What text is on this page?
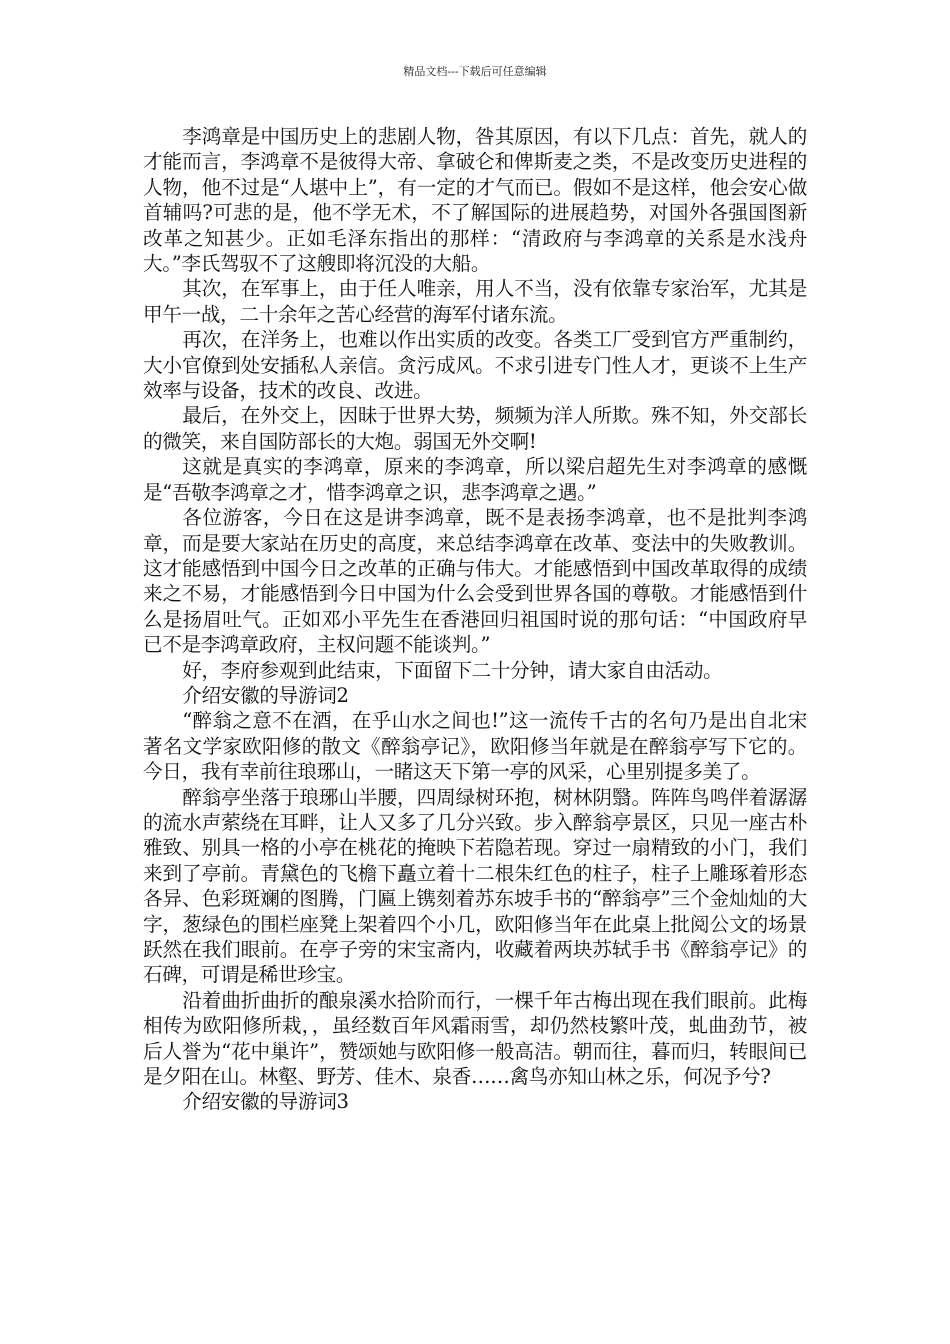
精品文档---下载后可任意编辑

李鸿章是中国历史上的悲剧人物，咎其原因，有以下几点：首先，就人的才能而言，李鸿章不是彼得大帝、拿破仑和俾斯麦之类，不是改变历史进程的人物，他不过是“人堪中上”，有一定的才气而已。假如不是这样，他会安心做首辅吗?可悲的是，他不学无术，不了解国际的进展趋势，对国外各强国图新改革之知甚少。正如毛泽东指出的那样：“清政府与李鸿章的关系是水浅舟大。”李氏驾驭不了这艘即将沉没的大船。

其次，在军事上，由于任人唯亲，用人不当，没有依靠专家治军，尤其是甲午一战，二十余年之苦心经营的海军付诸东流。

再次，在洋务上，也难以作出实质的改变。各类工厂受到官方严重制约，大小官僚到处安插私人亲信。贪污成风。不求引进专门性人才，更谈不上生产效率与设备，技术的改良、改进。

最后，在外交上，因昧于世界大势，频频为洋人所欺。殊不知，外交部长的微笑，来自国防部长的大炮。弱国无外交啊!

这就是真实的李鸿章，原来的李鸿章，所以梁启超先生对李鸿章的感慨是“吾敬李鸿章之才，惜李鸿章之识，悲李鸿章之遇。”

各位游客，今日在这是讲李鸿章，既不是表扬李鸿章，也不是批判李鸿章，而是要大家站在历史的高度，来总结李鸿章在改革、变法中的失败教训。这才能感悟到中国今日之改革的正确与伟大。才能感悟到中国改革取得的成绩来之不易，才能感悟到今日中国为什么会受到世界各国的尊敬。才能感悟到什么是扬眉吐气。正如邓小平先生在香港回归祖国时说的那句话：“中国政府早已不是李鸿章政府，主权问题不能谈判。”

好，李府参观到此结束，下面留下二十分钟，请大家自由活动。

介绍安徽的导游词2

“醉翁之意不在酒，在乎山水之间也!”这一流传千古的名句乃是出自北宋著名文学家欧阳修的散文《醉翁亭记》，欧阳修当年就是在醉翁亭写下它的。今日，我有幸前往琅琊山，一睹这天下第一亭的风采，心里别提多美了。

醉翁亭坐落于琅琊山半腰，四周绿树环抱，树林阴翳。阵阵鸟鸣伴着潺潺的流水声萦绕在耳畔，让人又多了几分兴致。步入醉翁亭景区，只见一座古朴雅致、别具一格的小亭在桃花的掩映下若隐若现。穿过一扇精致的小门，我们来到了亭前。青黛色的飞檐下矗立着十二根朱红色的柱子，柱子上雕琢着形态各异、色彩斑斓的图腾，门匾上镌刻着苏东坡手书的“醉翁亭”三个金灿灿的大字，葱绿色的围栏座凳上架着四个小几，欧阳修当年在此桌上批阅公文的场景跃然在我们眼前。在亭子旁的宋宝斋内，收藏着两块苏轼手书《醉翁亭记》的石碑，可谓是稀世珍宝。

沿着曲折曲折的酿泉溪水拾阶而行，一棵千年古梅出现在我们眼前。此梅相传为欧阳修所栽，，虽经数百年风霜雨雪，却仍然枝繁叶茂，虬曲劲节，被后人誉为“花中巢许”，赞颂她与欧阳修一般高洁。朝而往，暮而归，转眼间已是夕阳在山。林壑、野芳、佳木、泉香……禽鸟亦知山林之乐，何况予兮?

介绍安徽的导游词3
